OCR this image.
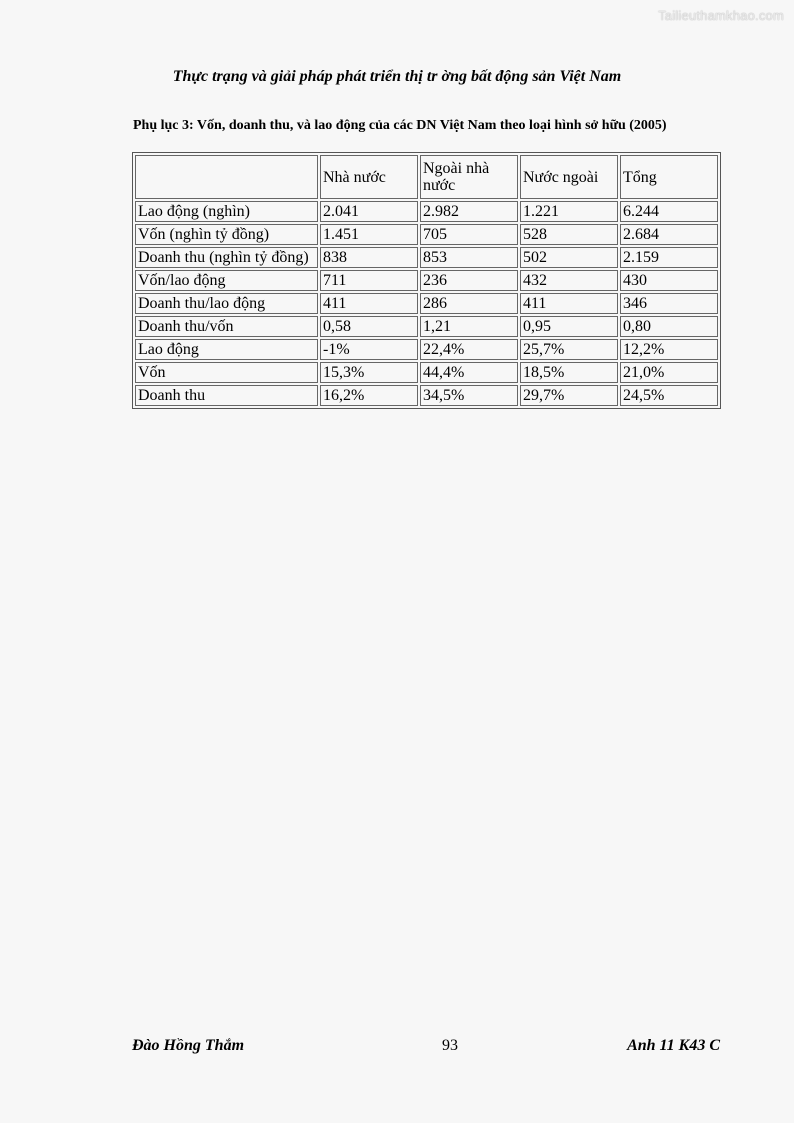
Tailieuthamkhao.com
Thực trạng và giải pháp phát triển thị tr ờng bất động sản Việt Nam
Phụ lục 3: Vốn, doanh thu, và lao động của các DN Việt Nam theo loại hình sở hữu (2005)
	Nhà nước	Ngoài nhà nước	Nước ngoài	Tổng
Lao động (nghìn)	2.041	2.982	1.221	6.244
Vốn (nghìn tỷ đồng)	1.451	705	528	2.684
Doanh thu (nghìn tỷ đồng)	838	853	502	2.159
Vốn/lao động	711	236	432	430
Doanh thu/lao động	411	286	411	346
Doanh thu/vốn	0,58	1,21	0,95	0,80
Lao động	-1%	22,4%	25,7%	12,2%
Vốn	15,3%	44,4%	18,5%	21,0%
Doanh thu	16,2%	34,5%	29,7%	24,5%
Đào Hồng Thắm	93	Anh 11 K43 C
